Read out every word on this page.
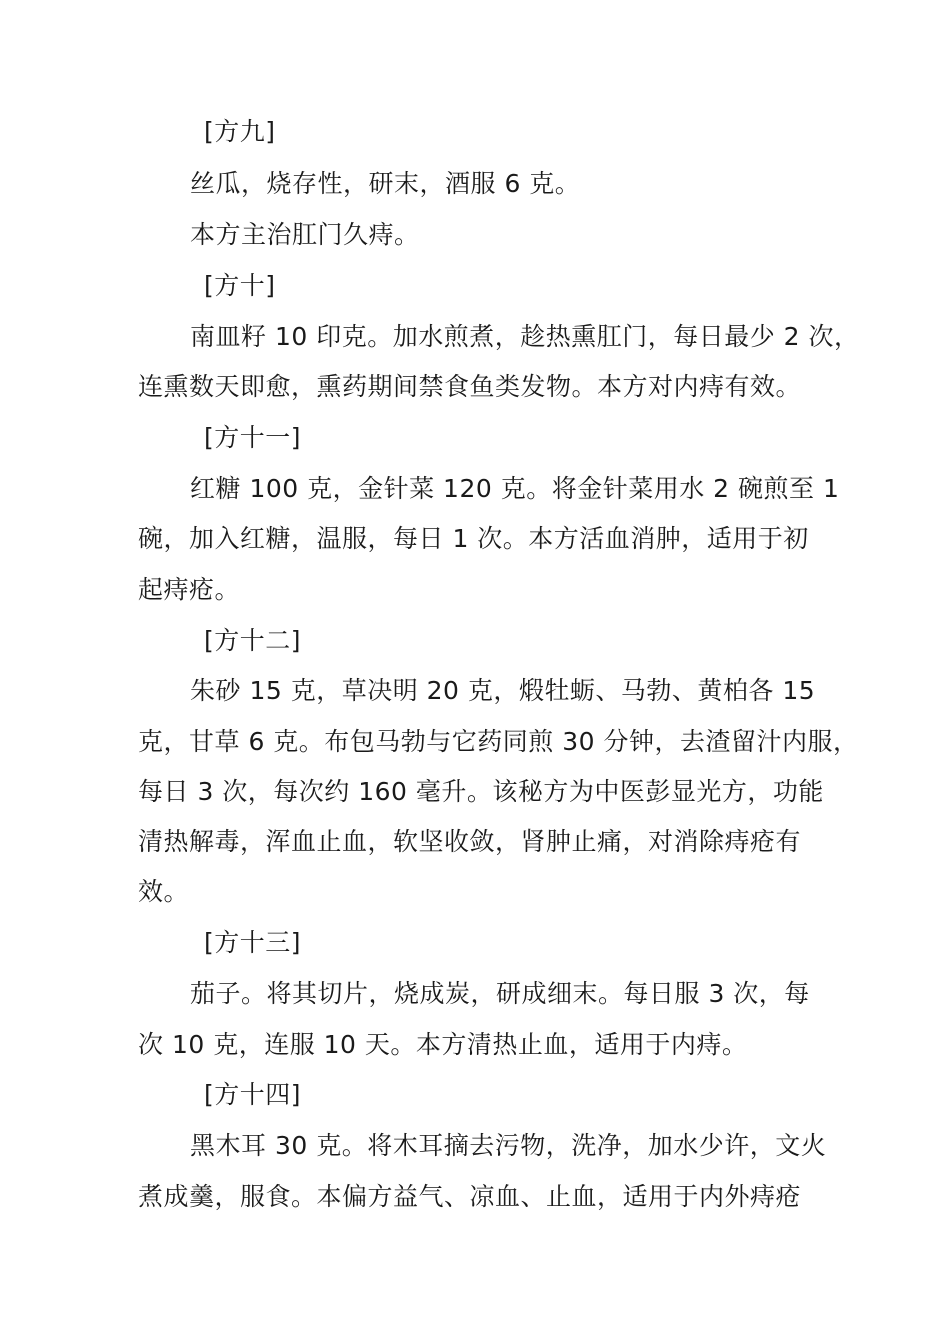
[方九]
丝瓜，烧存性，研末，酒服 6 克。
本方主治肛门久痔。
[方十]
南皿籽 10 印克。加水煎煮，趁热熏肛门，每日最少 2 次，
连熏数天即愈，熏药期间禁食鱼类发物。本方对内痔有效。
[方十一]
红糖 100 克，金针菜 120 克。将金针菜用水 2 碗煎至 1
碗，加入红糖，温服，每日 1 次。本方活血消肿，适用于初
起痔疮。
[方十二]
朱砂 15 克，草决明 20 克，煅牡蛎、马勃、黄柏各 15
克，甘草 6 克。布包马勃与它药同煎 30 分钟，去渣留汁内服，
每日 3 次，每次约 160 毫升。该秘方为中医彭显光方，功能
清热解毒，浑血止血，软坚收敛，肾肿止痛，对消除痔疮有
效。
[方十三]
茄子。将其切片，烧成炭，研成细末。每日服 3 次，每
次 10 克，连服 10 天。本方清热止血，适用于内痔。
[方十四]
黑木耳 30 克。将木耳摘去污物，洗净，加水少许，文火
煮成羹，服食。本偏方益气、凉血、止血，适用于内外痔疮
